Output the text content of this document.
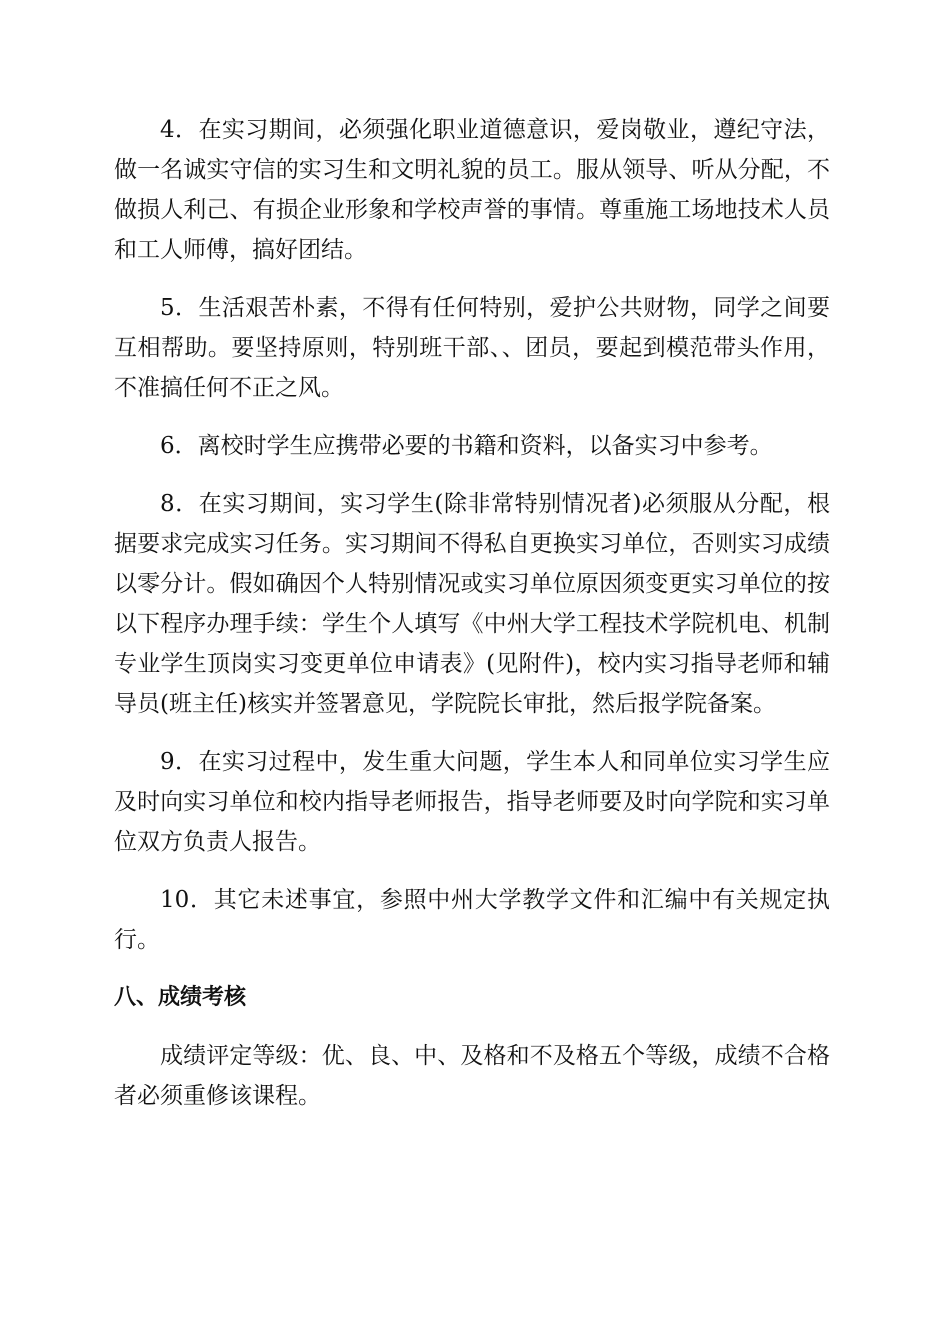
4．在实习期间，必须强化职业道德意识，爱岗敬业，遵纪守法，做一名诚实守信的实习生和文明礼貌的员工。服从领导、听从分配，不做损人利己、有损企业形象和学校声誉的事情。尊重施工场地技术人员和工人师傅，搞好团结。

5．生活艰苦朴素，不得有任何特别，爱护公共财物，同学之间要互相帮助。要坚持原则，特别班干部、、团员，要起到模范带头作用，不准搞任何不正之风。

6．离校时学生应携带必要的书籍和资料，以备实习中参考。

8．在实习期间，实习学生(除非常特别情况者)必须服从分配，根据要求完成实习任务。实习期间不得私自更换实习单位，否则实习成绩以零分计。假如确因个人特别情况或实习单位原因须变更实习单位的按以下程序办理手续：学生个人填写《中州大学工程技术学院机电、机制专业学生顶岗实习变更单位申请表》(见附件)，校内实习指导老师和辅导员(班主任)核实并签署意见，学院院长审批，然后报学院备案。

9．在实习过程中，发生重大问题，学生本人和同单位实习学生应及时向实习单位和校内指导老师报告，指导老师要及时向学院和实习单位双方负责人报告。

10．其它未述事宜，参照中州大学教学文件和汇编中有关规定执行。

八、成绩考核

成绩评定等级：优、良、中、及格和不及格五个等级，成绩不合格者必须重修该课程。
